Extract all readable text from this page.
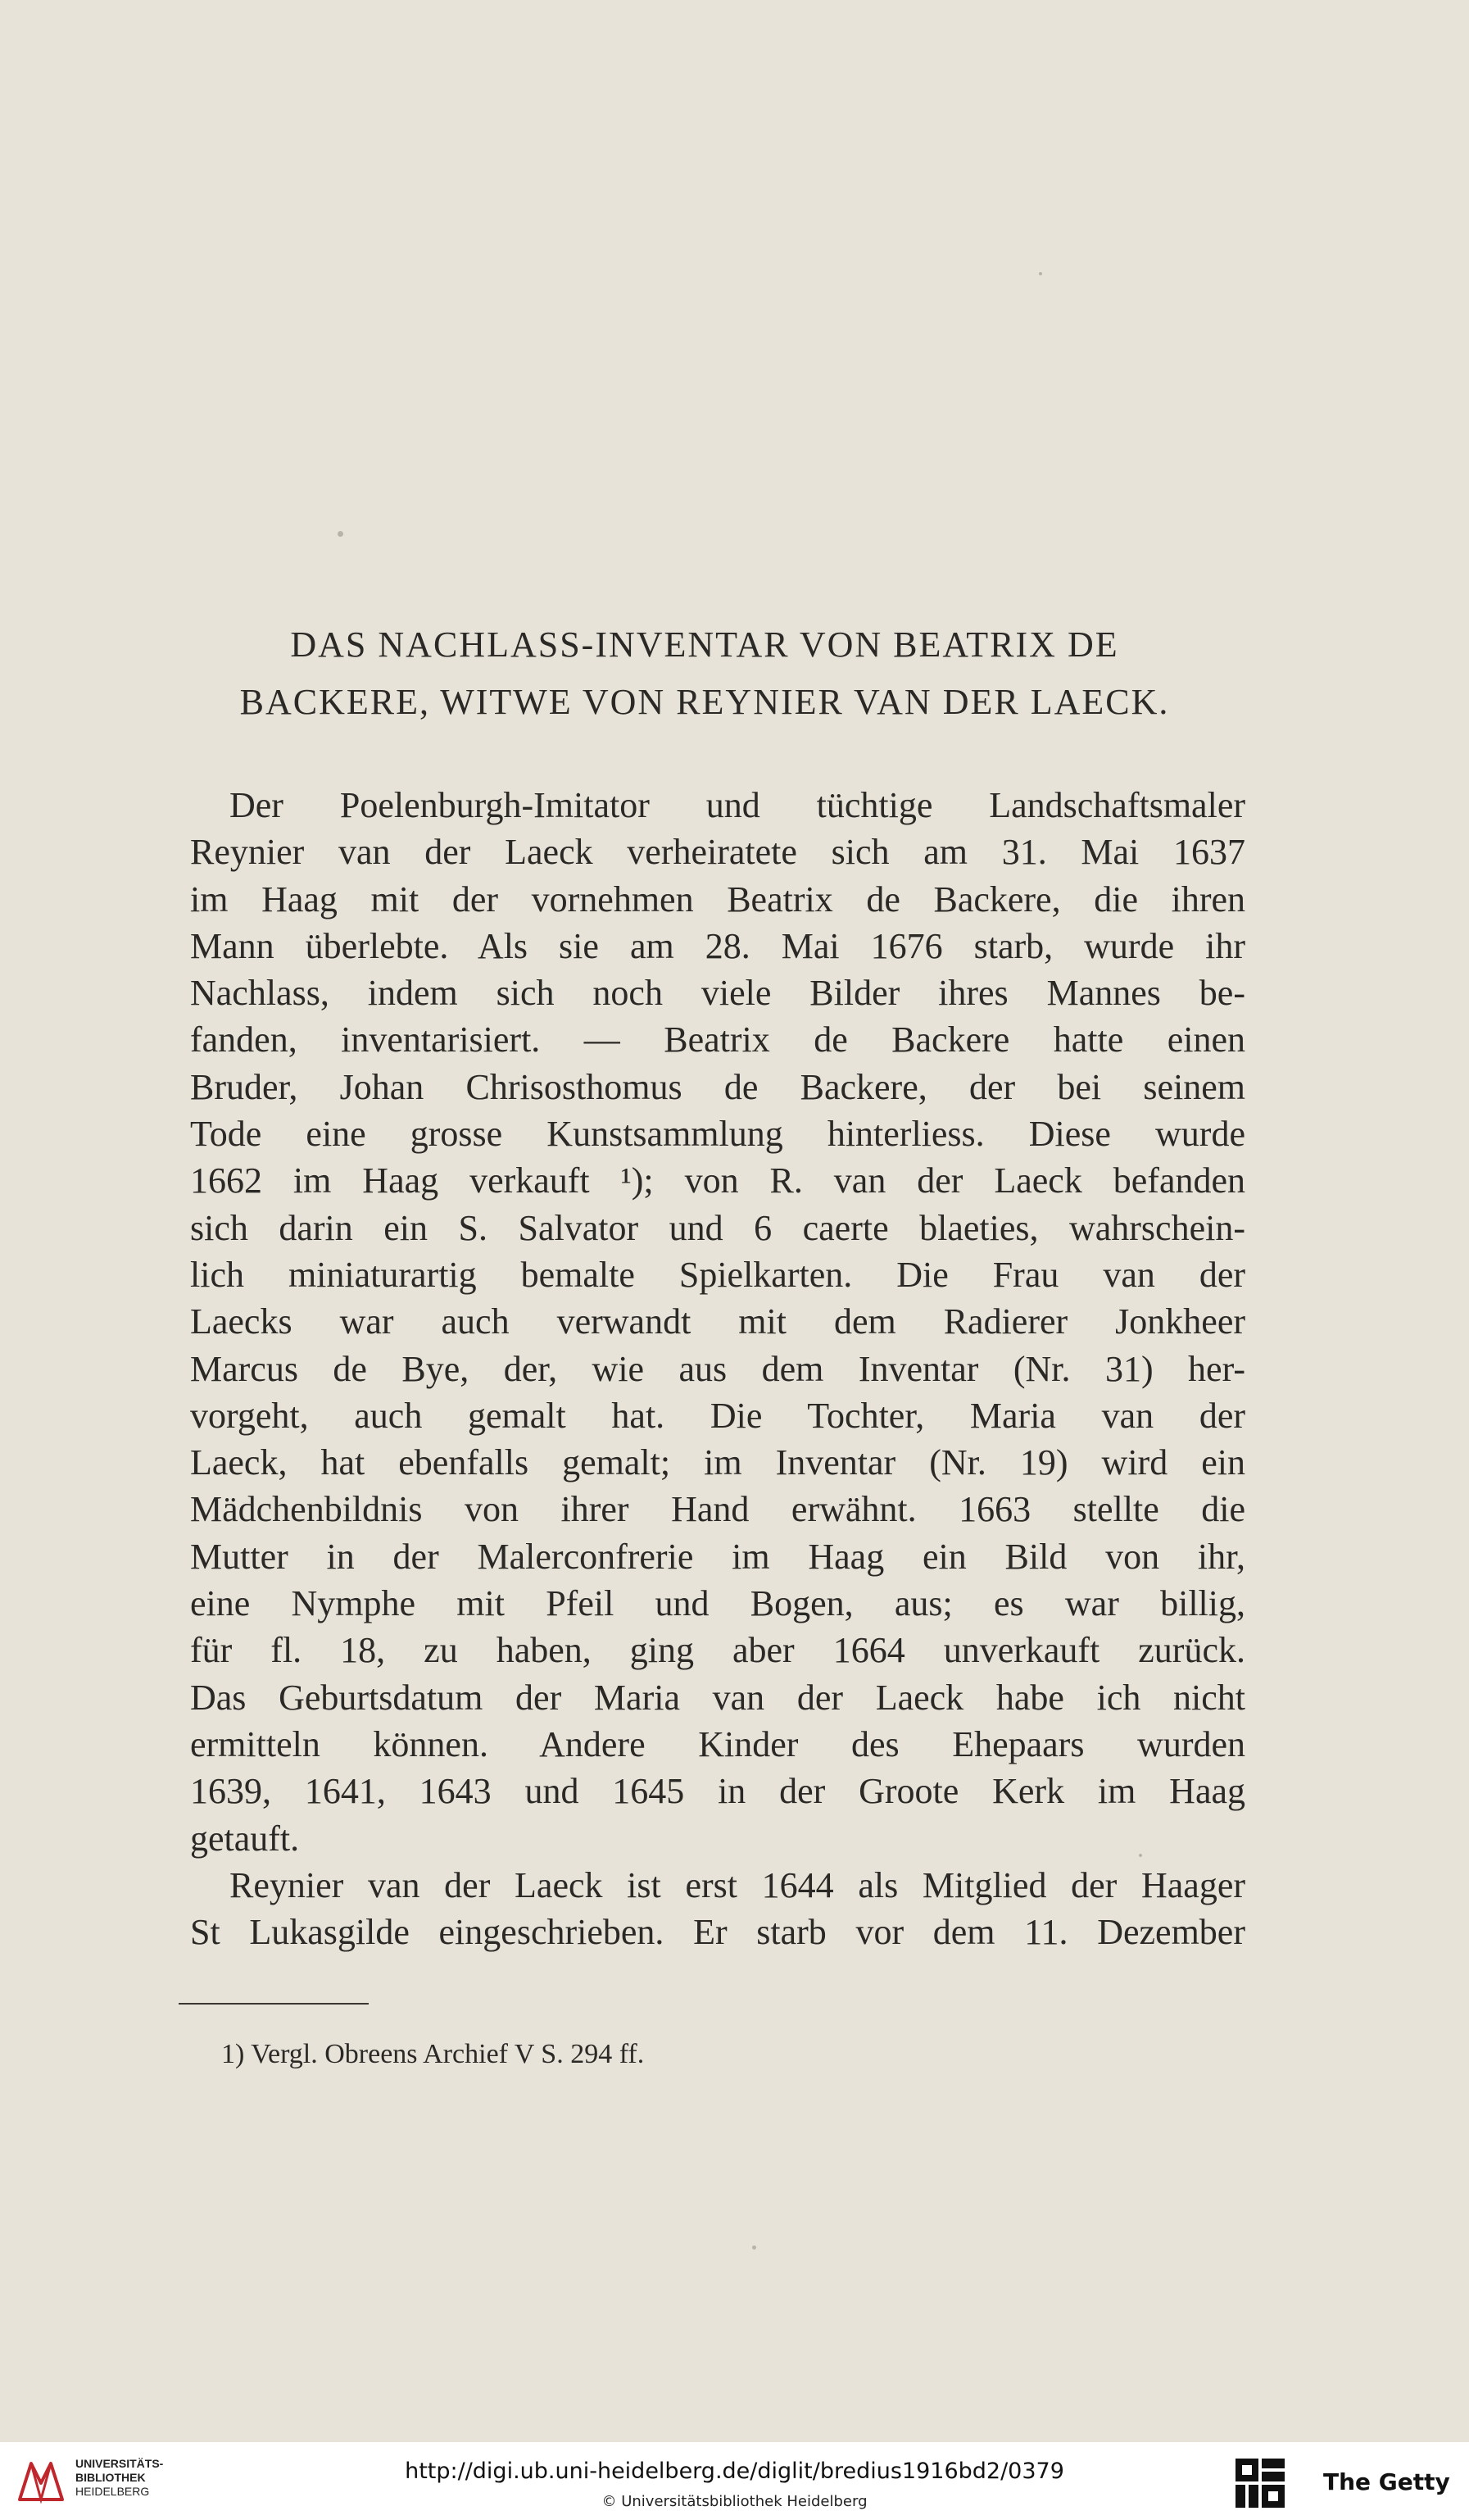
DAS NACHLASS-INVENTAR VON BEATRIX DE
BACKERE, WITWE VON REYNIER VAN DER LAECK.
Der Poelenburgh-Imitator und tüchtige Landschaftsmaler
Reynier van der Laeck verheiratete sich am 31. Mai 1637
im Haag mit der vornehmen Beatrix de Backere, die ihren
Mann überlebte. Als sie am 28. Mai 1676 starb, wurde ihr
Nachlass, indem sich noch viele Bilder ihres Mannes be-
fanden, inventarisiert. — Beatrix de Backere hatte einen
Bruder, Johan Chrisosthomus de Backere, der bei seinem
Tode eine grosse Kunstsammlung hinterliess. Diese wurde
1662 im Haag verkauft ¹); von R. van der Laeck befanden
sich darin ein S. Salvator und 6 caerte blaeties, wahrschein-
lich miniaturartig bemalte Spielkarten. Die Frau van der
Laecks war auch verwandt mit dem Radierer Jonkheer
Marcus de Bye, der, wie aus dem Inventar (Nr. 31) her-
vorgeht, auch gemalt hat. Die Tochter, Maria van der
Laeck, hat ebenfalls gemalt; im Inventar (Nr. 19) wird ein
Mädchenbildnis von ihrer Hand erwähnt. 1663 stellte die
Mutter in der Malerconfrerie im Haag ein Bild von ihr,
eine Nymphe mit Pfeil und Bogen, aus; es war billig,
für fl. 18, zu haben, ging aber 1664 unverkauft zurück.
Das Geburtsdatum der Maria van der Laeck habe ich nicht
ermitteln können. Andere Kinder des Ehepaars wurden
1639, 1641, 1643 und 1645 in der Groote Kerk im Haag
getauft.
Reynier van der Laeck ist erst 1644 als Mitglied der Haager
St Lukasgilde eingeschrieben. Er starb vor dem 11. Dezember
1) Vergl. Obreens Archief V S. 294 ff.
UNIVERSITÄTS-
BIBLIOTHEK
HEIDELBERG
http://digi.ub.uni-heidelberg.de/diglit/bredius1916bd2/0379
© Universitätsbibliothek Heidelberg
The Getty
